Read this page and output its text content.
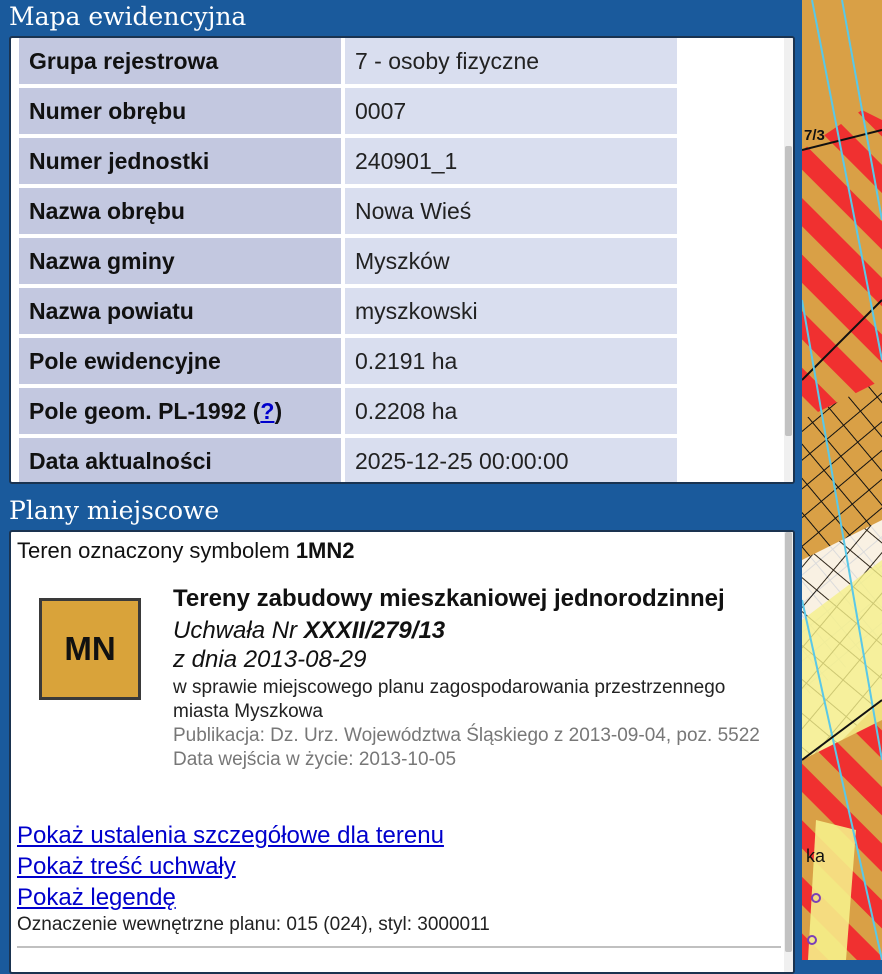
Mapa ewidencyjna
Grupa rejestrowa	7 - osoby fizyczne
Numer obrębu	0007
Numer jednostki	240901_1
Nazwa obrębu	Nowa Wieś
Nazwa gminy	Myszków
Nazwa powiatu	myszkowski
Pole ewidencyjne	0.2191 ha
Pole geom. PL-1992 (?)	0.2208 ha
Data aktualności	2025-12-25 00:00:00
Plany miejscowe
Teren oznaczony symbolem 1MN2
MN
Tereny zabudowy mieszkaniowej jednorodzinnej
Uchwała Nr XXXII/279/13
z dnia 2013-08-29
w sprawie miejscowego planu zagospodarowania przestrzennego miasta Myszkowa
Publikacja: Dz. Urz. Województwa Śląskiego z 2013-09-04, poz. 5522
Data wejścia w życie: 2013-10-05
Pokaż ustalenia szczegółowe dla terenu
Pokaż treść uchwały
Pokaż legendę
Oznaczenie wewnętrzne planu: 015 (024), styl: 3000011
7/3
ka
